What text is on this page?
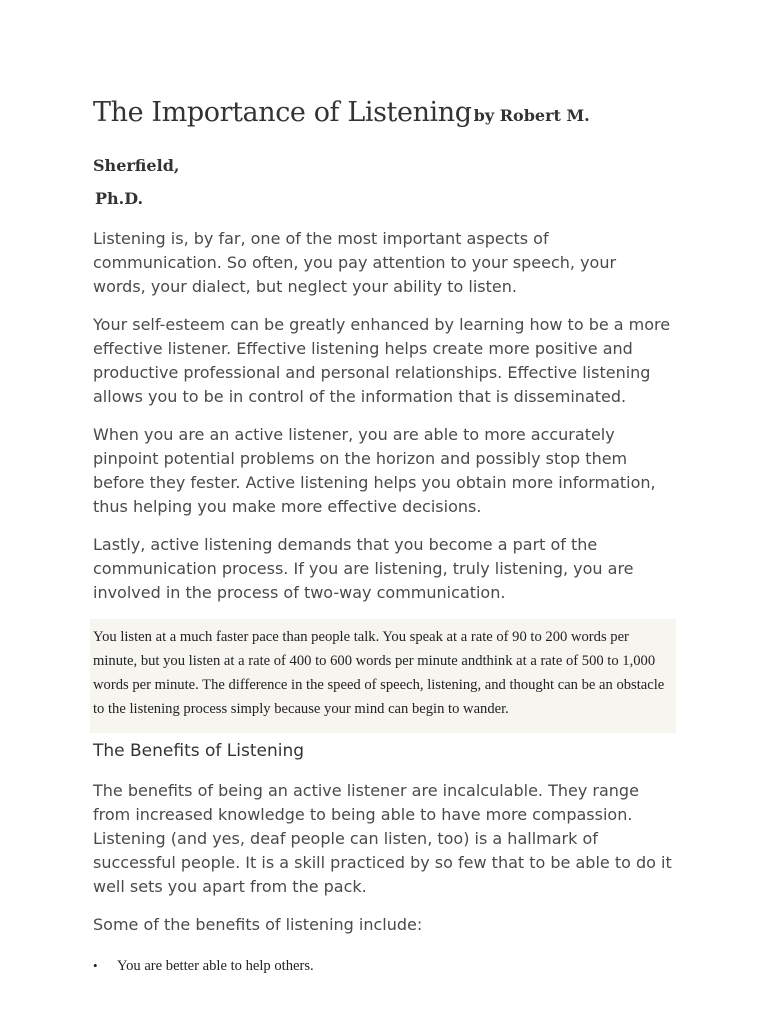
The Importance of Listening by Robert M. Sherfield,
Ph.D.

Listening is, by far, one of the most important aspects of communication. So often, you pay attention to your speech, your words, your dialect, but neglect your ability to listen.

Your self-esteem can be greatly enhanced by learning how to be a more effective listener. Effective listening helps create more positive and productive professional and personal relationships. Effective listening allows you to be in control of the information that is disseminated.

When you are an active listener, you are able to more accurately pinpoint potential problems on the horizon and possibly stop them before they fester. Active listening helps you obtain more information, thus helping you make more effective decisions.

Lastly, active listening demands that you become a part of the communication process. If you are listening, truly listening, you are involved in the process of two-way communication.

You listen at a much faster pace than people talk. You speak at a rate of 90 to 200 words per minute, but you listen at a rate of 400 to 600 words per minute andthink at a rate of 500 to 1,000 words per minute. The difference in the speed of speech, listening, and thought can be an obstacle to the listening process simply because your mind can begin to wander.

The Benefits of Listening

The benefits of being an active listener are incalculable. They range from increased knowledge to being able to have more compassion. Listening (and yes, deaf people can listen, too) is a hallmark of successful people. It is a skill practiced by so few that to be able to do it well sets you apart from the pack.

Some of the benefits of listening include:

•	You are better able to help others.
